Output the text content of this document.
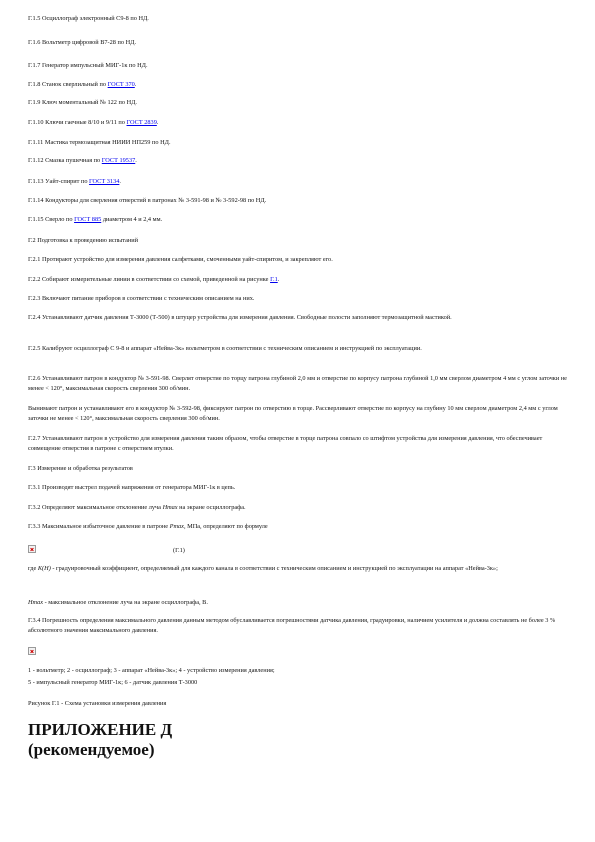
Г.1.5 Осциллограф электронный С9-8 по НД.
Г.1.6 Вольтметр цифровой В7-28 по НД.
Г.1.7 Генератор импульсный МИГ-1к по НД.
Г.1.8 Станок сверлильный по ГОСТ 370.
Г.1.9 Ключ моментальный № 122 по НД.
Г.1.10 Ключи гаечные 8/10 и 9/11 по ГОСТ 2839.
Г.1.11 Мастика термозащитная НИИИ НП259 по НД.
Г.1.12 Смазка пушечная по ГОСТ 19537.
Г.1.13 Уайт-спирит по ГОСТ 3134.
Г.1.14 Кондукторы для сверления отверстий в патронах № 3-591-98 и № 3-592-98 по НД.
Г.1.15 Сверло по ГОСТ 885 диаметром 4 и 2,4 мм.
Г.2 Подготовка к проведению испытаний
Г.2.1 Протирают устройство для измерения давления салфетками, смоченными уайт-спиритом, и закрепляют его.
Г.2.2 Собирают измерительные линии в соответствии со схемой, приведенной на рисунке Г.1.
Г.2.3 Включают питание приборов в соответствии с техническим описанием на них.
Г.2.4 Устанавливают датчик давления Т-3000 (Т-500) в штуцер устройства для измерения давления. Свободные полости заполняют термозащитной мастикой.
Г.2.5 Калибруют осциллограф С 9-8 и аппарат «Нейва-3к» вольтметром в соответствии с техническим описанием и инструкцией по эксплуатации.
Г.2.6 Устанавливают патрон в кондуктор № 3-591-98. Сверлят отверстие по торцу патрона глубиной 2,0 мм и отверстие по корпусу патрона глубиной 1,0 мм сверлом диаметром 4 мм с углом заточки не менее < 120°, максимальная скорость сверления 300 об/мин.
Вынимают патрон и устанавливают его в кондуктор № 3-592-98, фиксируют патрон по отверстию в торце. Рассверливают отверстие по корпусу на глубину 10 мм сверлом диаметром 2,4 мм с углом заточки не менее < 120°, максимальная скорость сверления 300 об/мин.
Г.2.7 Устанавливают патрон в устройство для измерения давления таким образом, чтобы отверстие в торце патрона совпало со штифтом устройства для измерения давления, что обеспечивает совмещение отверстия в патроне с отверстием втулки.
Г.3 Измерение и обработка результатов
Г.3.1 Производят выстрел подачей напряжения от генератора МИГ-1к в цепь.
Г.3.2 Определяют максимальное отклонение луча Hmax на экране осциллографа.
Г.3.3 Максимальное избыточное давление в патроне Pmax, МПа, определяют по формуле
(Г.1)
где K(H) - градуировочный коэффициент, определяемый для каждого канала в соответствии с техническим описанием и инструкцией по эксплуатации на аппарат «Нейва-3к»;
Hmax - максимальное отклонение луча на экране осциллографа, В.
Г.3.4 Погрешность определения максимального давления данным методом обуславливается погрешностями датчика давления, градуировки, наличием усилителя и должна составлять не более 3 % абсолютного значения максимального давления.
1 - вольтметр; 2 - осциллограф; 3 - аппарат «Нейва-3к»; 4 - устройство измерения давления;
5 - импульсный генератор МИГ-1к; 6 - датчик давления Т-3000
Рисунок Г.1 - Схема установки измерения давления
ПРИЛОЖЕНИЕ Д
(рекомендуемое)
